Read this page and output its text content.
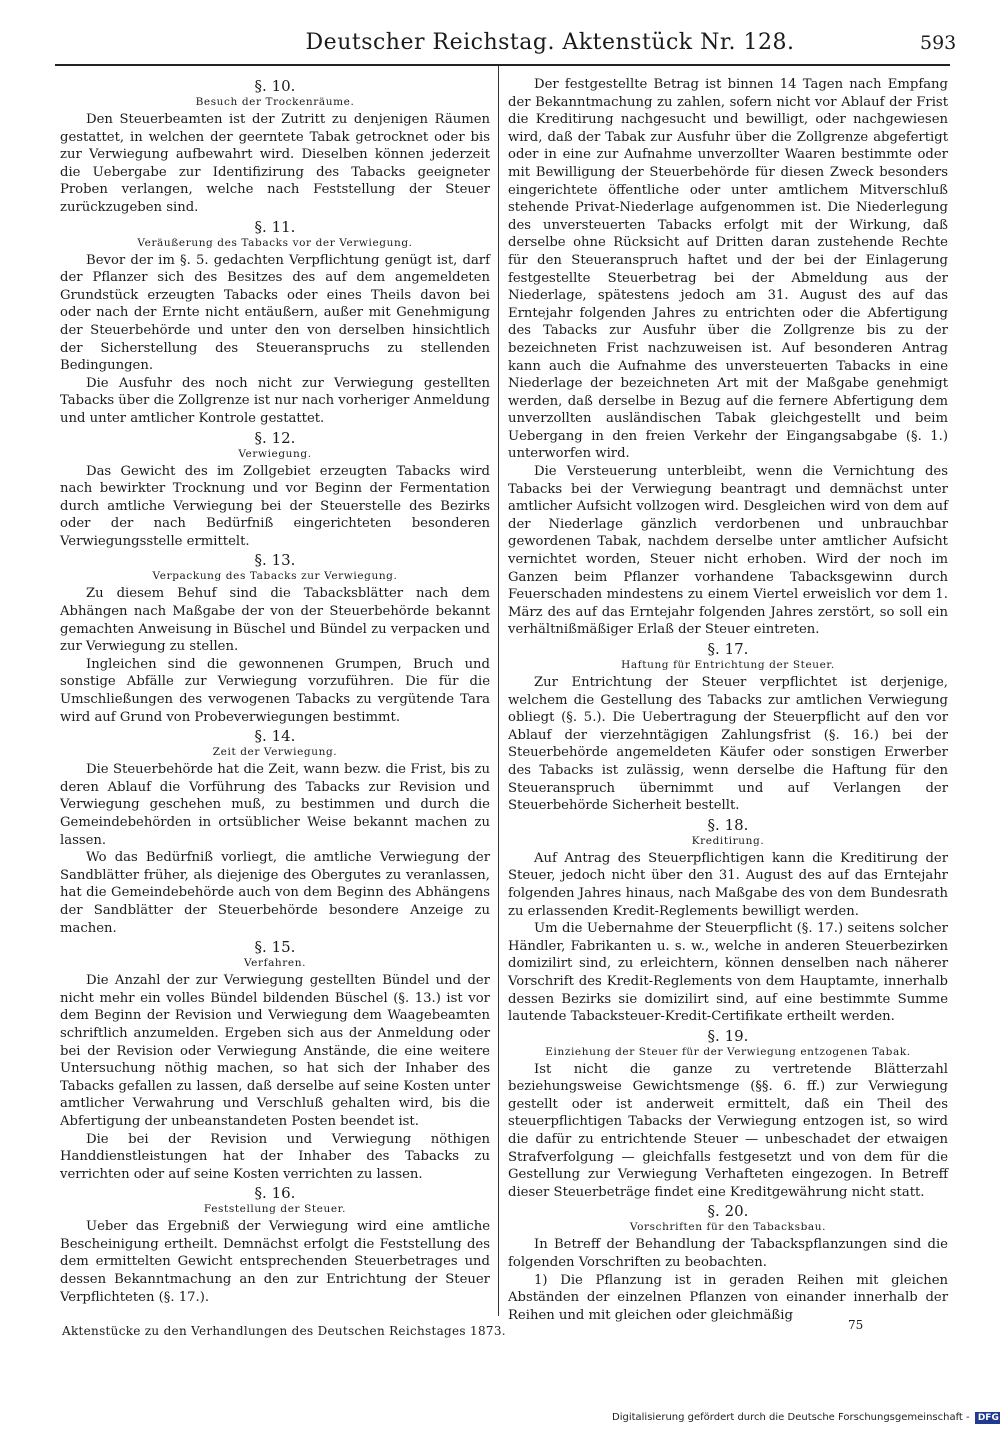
Deutscher Reichstag. Aktenstück Nr. 128.	593
§. 10.
Besuch der Trockenräume.

Den Steuerbeamten ist der Zutritt zu denjenigen Räumen gestattet, in welchen der geerntete Tabak getrocknet oder bis zur Verwiegung aufbewahrt wird. Dieselben können jederzeit die Uebergabe zur Identifizirung des Tabacks geeigneter Proben verlangen, welche nach Feststellung der Steuer zurückzugeben sind.

§. 11.
Veräußerung des Tabacks vor der Verwiegung.

Bevor der im §. 5. gedachten Verpflichtung genügt ist, darf der Pflanzer sich des Besitzes des auf dem angemeldeten Grundstück erzeugten Tabacks oder eines Theils davon bei oder nach der Ernte nicht entäußern, außer mit Genehmigung der Steuerbehörde und unter den von derselben hinsichtlich der Sicherstellung des Steueranspruchs zu stellenden Bedingungen.

Die Ausfuhr des noch nicht zur Verwiegung gestellten Tabacks über die Zollgrenze ist nur nach vorheriger Anmeldung und unter amtlicher Kontrole gestattet.

§. 12.
Verwiegung.

Das Gewicht des im Zollgebiet erzeugten Tabacks wird nach bewirkter Trocknung und vor Beginn der Fermentation durch amtliche Verwiegung bei der Steuerstelle des Bezirks oder der nach Bedürfniß eingerichteten besonderen Verwiegungsstelle ermittelt.

§. 13.
Verpackung des Tabacks zur Verwiegung.

Zu diesem Behuf sind die Tabacksblätter nach dem Abhängen nach Maßgabe der von der Steuerbehörde bekannt gemachten Anweisung in Büschel und Bündel zu verpacken und zur Verwiegung zu stellen.

Ingleichen sind die gewonnenen Grumpen, Bruch und sonstige Abfälle zur Verwiegung vorzuführen. Die für die Umschließungen des verwogenen Tabacks zu vergütende Tara wird auf Grund von Probeverwiegungen bestimmt.

§. 14.
Zeit der Verwiegung.

Die Steuerbehörde hat die Zeit, wann bezw. die Frist, bis zu deren Ablauf die Vorführung des Tabacks zur Revision und Verwiegung geschehen muß, zu bestimmen und durch die Gemeindebehörden in ortsüblicher Weise bekannt machen zu lassen.

Wo das Bedürfniß vorliegt, die amtliche Verwiegung der Sandblätter früher, als diejenige des Obergutes zu veranlassen, hat die Gemeindebehörde auch von dem Beginn des Abhängens der Sandblätter der Steuerbehörde besondere Anzeige zu machen.

§. 15.
Verfahren.

Die Anzahl der zur Verwiegung gestellten Bündel und der nicht mehr ein volles Bündel bildenden Büschel (§. 13.) ist vor dem Beginn der Revision und Verwiegung dem Waagebeamten schriftlich anzumelden. Ergeben sich aus der Anmeldung oder bei der Revision oder Verwiegung Anstände, die eine weitere Untersuchung nöthig machen, so hat sich der Inhaber des Tabacks gefallen zu lassen, daß derselbe auf seine Kosten unter amtlicher Verwahrung und Verschluß gehalten wird, bis die Abfertigung der unbeanstandeten Posten beendet ist.

Die bei der Revision und Verwiegung nöthigen Handdienstleistungen hat der Inhaber des Tabacks zu verrichten oder auf seine Kosten verrichten zu lassen.

§. 16.
Feststellung der Steuer.

Ueber das Ergebniß der Verwiegung wird eine amtliche Bescheinigung ertheilt. Demnächst erfolgt die Feststellung des dem ermittelten Gewicht entsprechenden Steuerbetrages und dessen Bekanntmachung an den zur Entrichtung der Steuer Verpflichteten (§. 17.).

Der festgestellte Betrag ist binnen 14 Tagen nach Empfang der Bekanntmachung zu zahlen, sofern nicht vor Ablauf der Frist die Kreditirung nachgesucht und bewilligt, oder nachgewiesen wird, daß der Tabak zur Ausfuhr über die Zollgrenze abgefertigt oder in eine zur Aufnahme unverzollter Waaren bestimmte oder mit Bewilligung der Steuerbehörde für diesen Zweck besonders eingerichtete öffentliche oder unter amtlichem Mitverschluß stehende Privat-Niederlage aufgenommen ist. Die Niederlegung des unversteuerten Tabacks erfolgt mit der Wirkung, daß derselbe ohne Rücksicht auf Dritten daran zustehende Rechte für den Steueranspruch haftet und der bei der Einlagerung festgestellte Steuerbetrag bei der Abmeldung aus der Niederlage, spätestens jedoch am 31. August des auf das Erntejahr folgenden Jahres zu entrichten oder die Abfertigung des Tabacks zur Ausfuhr über die Zollgrenze bis zu der bezeichneten Frist nachzuweisen ist. Auf besonderen Antrag kann auch die Aufnahme des unversteuerten Tabacks in eine Niederlage der bezeichneten Art mit der Maßgabe genehmigt werden, daß derselbe in Bezug auf die fernere Abfertigung dem unverzollten ausländischen Tabak gleichgestellt und beim Uebergang in den freien Verkehr der Eingangsabgabe (§. 1.) unterworfen wird.

Die Versteuerung unterbleibt, wenn die Vernichtung des Tabacks bei der Verwiegung beantragt und demnächst unter amtlicher Aufsicht vollzogen wird. Desgleichen wird von dem auf der Niederlage gänzlich verdorbenen und unbrauchbar gewordenen Tabak, nachdem derselbe unter amtlicher Aufsicht vernichtet worden, Steuer nicht erhoben. Wird der noch im Ganzen beim Pflanzer vorhandene Tabacksgewinn durch Feuerschaden mindestens zu einem Viertel erweislich vor dem 1. März des auf das Erntejahr folgenden Jahres zerstört, so soll ein verhältnißmäßiger Erlaß der Steuer eintreten.

§. 17.
Haftung für Entrichtung der Steuer.

Zur Entrichtung der Steuer verpflichtet ist derjenige, welchem die Gestellung des Tabacks zur amtlichen Verwiegung obliegt (§. 5.). Die Uebertragung der Steuerpflicht auf den vor Ablauf der vierzehntägigen Zahlungsfrist (§. 16.) bei der Steuerbehörde angemeldeten Käufer oder sonstigen Erwerber des Tabacks ist zulässig, wenn derselbe die Haftung für den Steueranspruch übernimmt und auf Verlangen der Steuerbehörde Sicherheit bestellt.

§. 18.
Kreditirung.

Auf Antrag des Steuerpflichtigen kann die Kreditirung der Steuer, jedoch nicht über den 31. August des auf das Erntejahr folgenden Jahres hinaus, nach Maßgabe des von dem Bundesrath zu erlassenden Kredit-Reglements bewilligt werden.

Um die Uebernahme der Steuerpflicht (§. 17.) seitens solcher Händler, Fabrikanten u. s. w., welche in anderen Steuerbezirken domizilirt sind, zu erleichtern, können denselben nach näherer Vorschrift des Kredit-Reglements von dem Hauptamte, innerhalb dessen Bezirks sie domizilirt sind, auf eine bestimmte Summe lautende Tabacksteuer-Kredit-Certifikate ertheilt werden.

§. 19.
Einziehung der Steuer für der Verwiegung entzogenen Tabak.

Ist nicht die ganze zu vertretende Blätterzahl beziehungsweise Gewichtsmenge (§§. 6. ff.) zur Verwiegung gestellt oder ist anderweit ermittelt, daß ein Theil des steuerpflichtigen Tabacks der Verwiegung entzogen ist, so wird die dafür zu entrichtende Steuer — unbeschadet der etwaigen Strafverfolgung — gleichfalls festgesetzt und von dem für die Gestellung zur Verwiegung Verhafteten eingezogen. In Betreff dieser Steuerbeträge findet eine Kreditgewährung nicht statt.

§. 20.
Vorschriften für den Tabacksbau.

In Betreff der Behandlung der Tabackspflanzungen sind die folgenden Vorschriften zu beobachten.

1) Die Pflanzung ist in geraden Reihen mit gleichen Abständen der einzelnen Pflanzen von einander innerhalb der Reihen und mit gleichen oder gleichmäßig

Aktenstücke zu den Verhandlungen des Deutschen Reichstages 1873.	75
Digitalisierung gefördert durch die Deutsche Forschungsgemeinschaft - DFG
